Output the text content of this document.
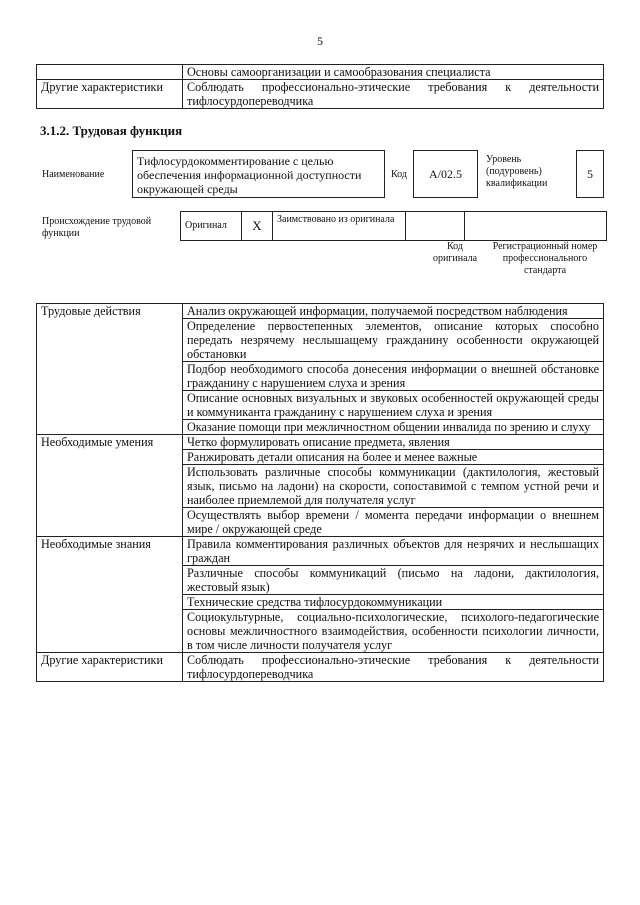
5
	Основы самоорганизации и самообразования специалиста
Другие характеристики	Соблюдать профессионально-этические требования к деятельности тифлосурдопереводчика
3.1.2. Трудовая функция
Наименование
Тифлосурдокомментирование с целью обеспечения информационной доступности окружающей среды
Код	A/02.5
Уровень (подуровень) квалификации
5
Происхождение трудовой функции
Оригинал	X	Заимствовано из оригинала		
Код оригинала
Регистрационный номер профессионального стандарта
Трудовые действия	Анализ окружающей информации, получаемой посредством наблюдения
	Определение первостепенных элементов, описание которых способно передать незрячему неслышащему гражданину особенности окружающей обстановки
	Подбор необходимого способа донесения информации о внешней обстановке гражданину с нарушением слуха и зрения
	Описание основных визуальных и звуковых особенностей окружающей среды и коммуниканта гражданину с нарушением слуха и зрения
	Оказание помощи при межличностном общении инвалида по зрению и слуху
Необходимые умения	Четко формулировать описание предмета, явления
	Ранжировать детали описания на более и менее важные
	Использовать различные способы коммуникации (дактилология, жестовый язык, письмо на ладони) на скорости, сопоставимой с темпом устной речи и наиболее приемлемой для получателя услуг
	Осуществлять выбор времени / момента передачи информации о внешнем мире / окружающей среде
Необходимые знания	Правила комментирования различных объектов для незрячих и неслышащих граждан
	Различные способы коммуникаций (письмо на ладони, дактилология, жестовый язык)
	Технические средства тифлосурдокоммуникации
	Социокультурные, социально-психологические, психолого-педагогические основы межличностного взаимодействия, особенности психологии личности, в том числе личности получателя услуг
Другие характеристики	Соблюдать профессионально-этические требования к деятельности тифлосурдопереводчика
